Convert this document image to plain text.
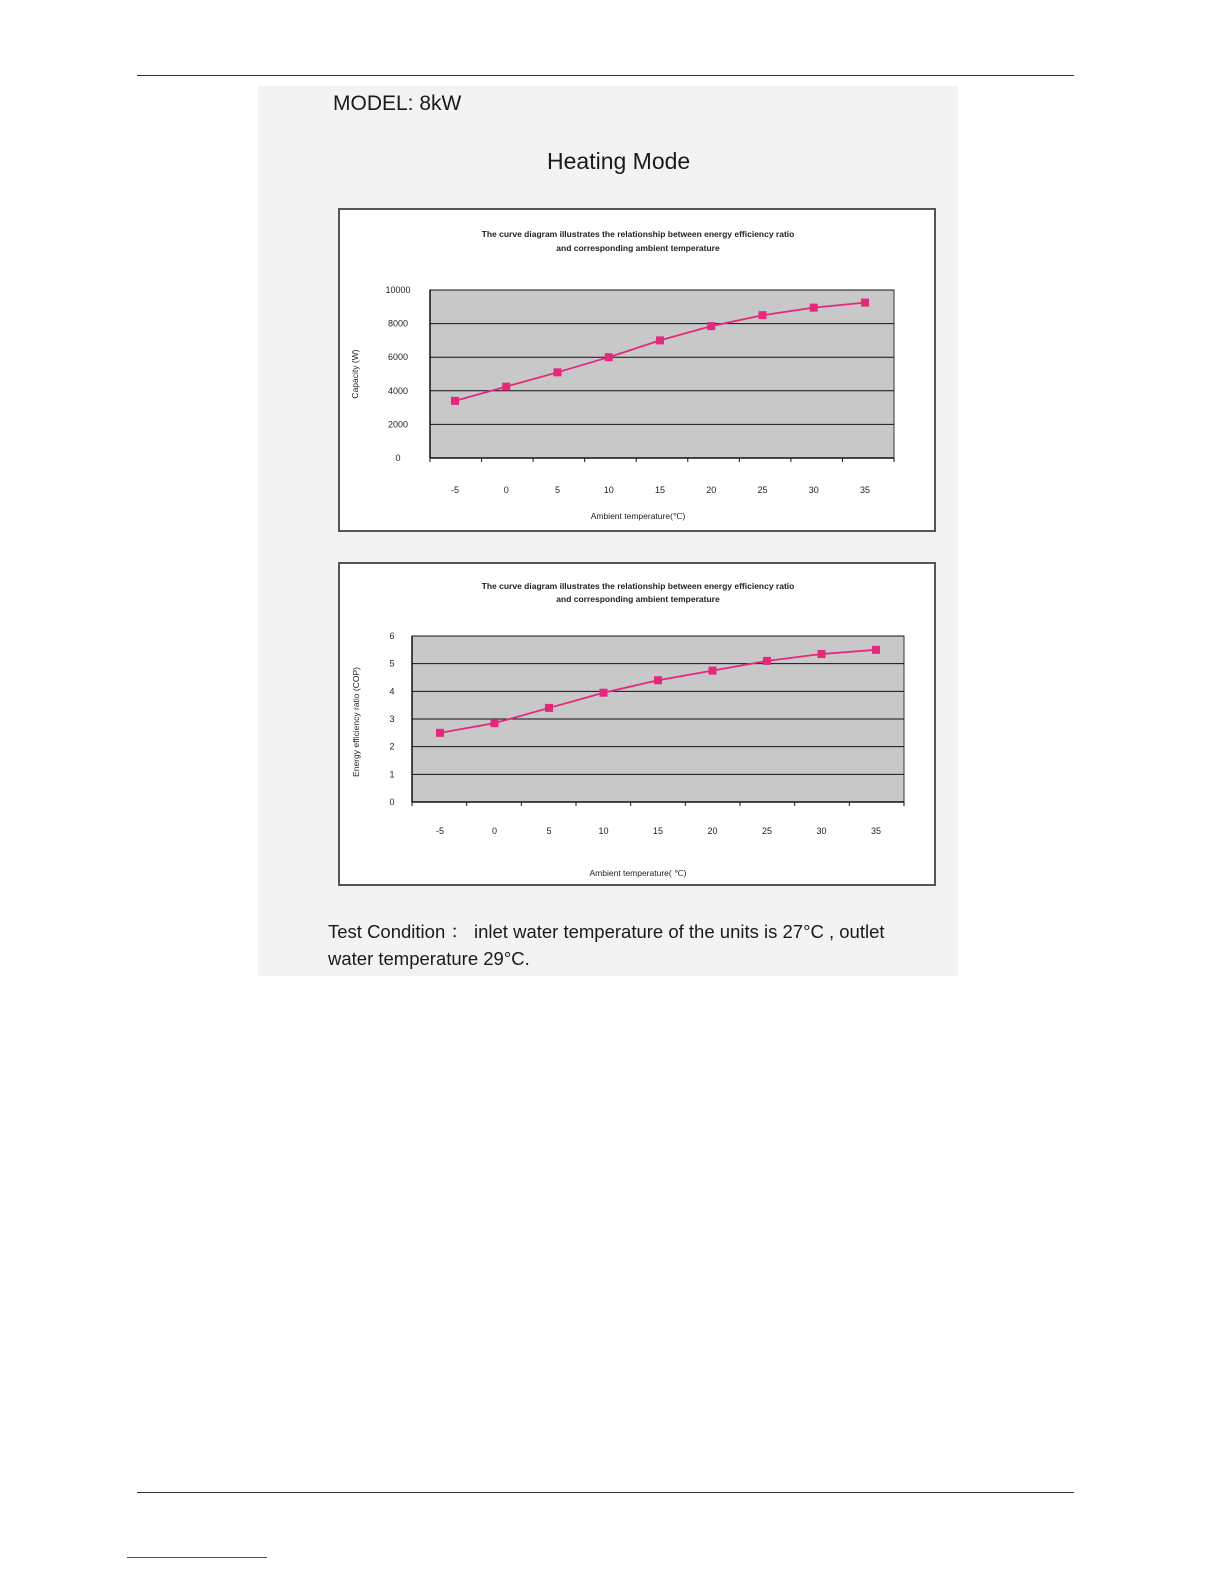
MODEL: 8kW
Heating Mode
The curve diagram illustrates the relationship between energy efficiency ratio
and corresponding ambient temperature
0
2000
4000
6000
8000
10000
-5	0	5	10	15	20	25	30	35
Ambient temperature(℃)
Capacity (W)
The curve diagram illustrates the relationship between energy efficiency ratio
and corresponding ambient temperature
0
1
2
3
4
5
6
-5	0	5	10	15	20	25	30	35
Ambient temperature( ℃)
Energy efficiency ratio (COP)
Test Condition ： inlet water temperature of the units is 27°C , outlet
water temperature 29°C.
